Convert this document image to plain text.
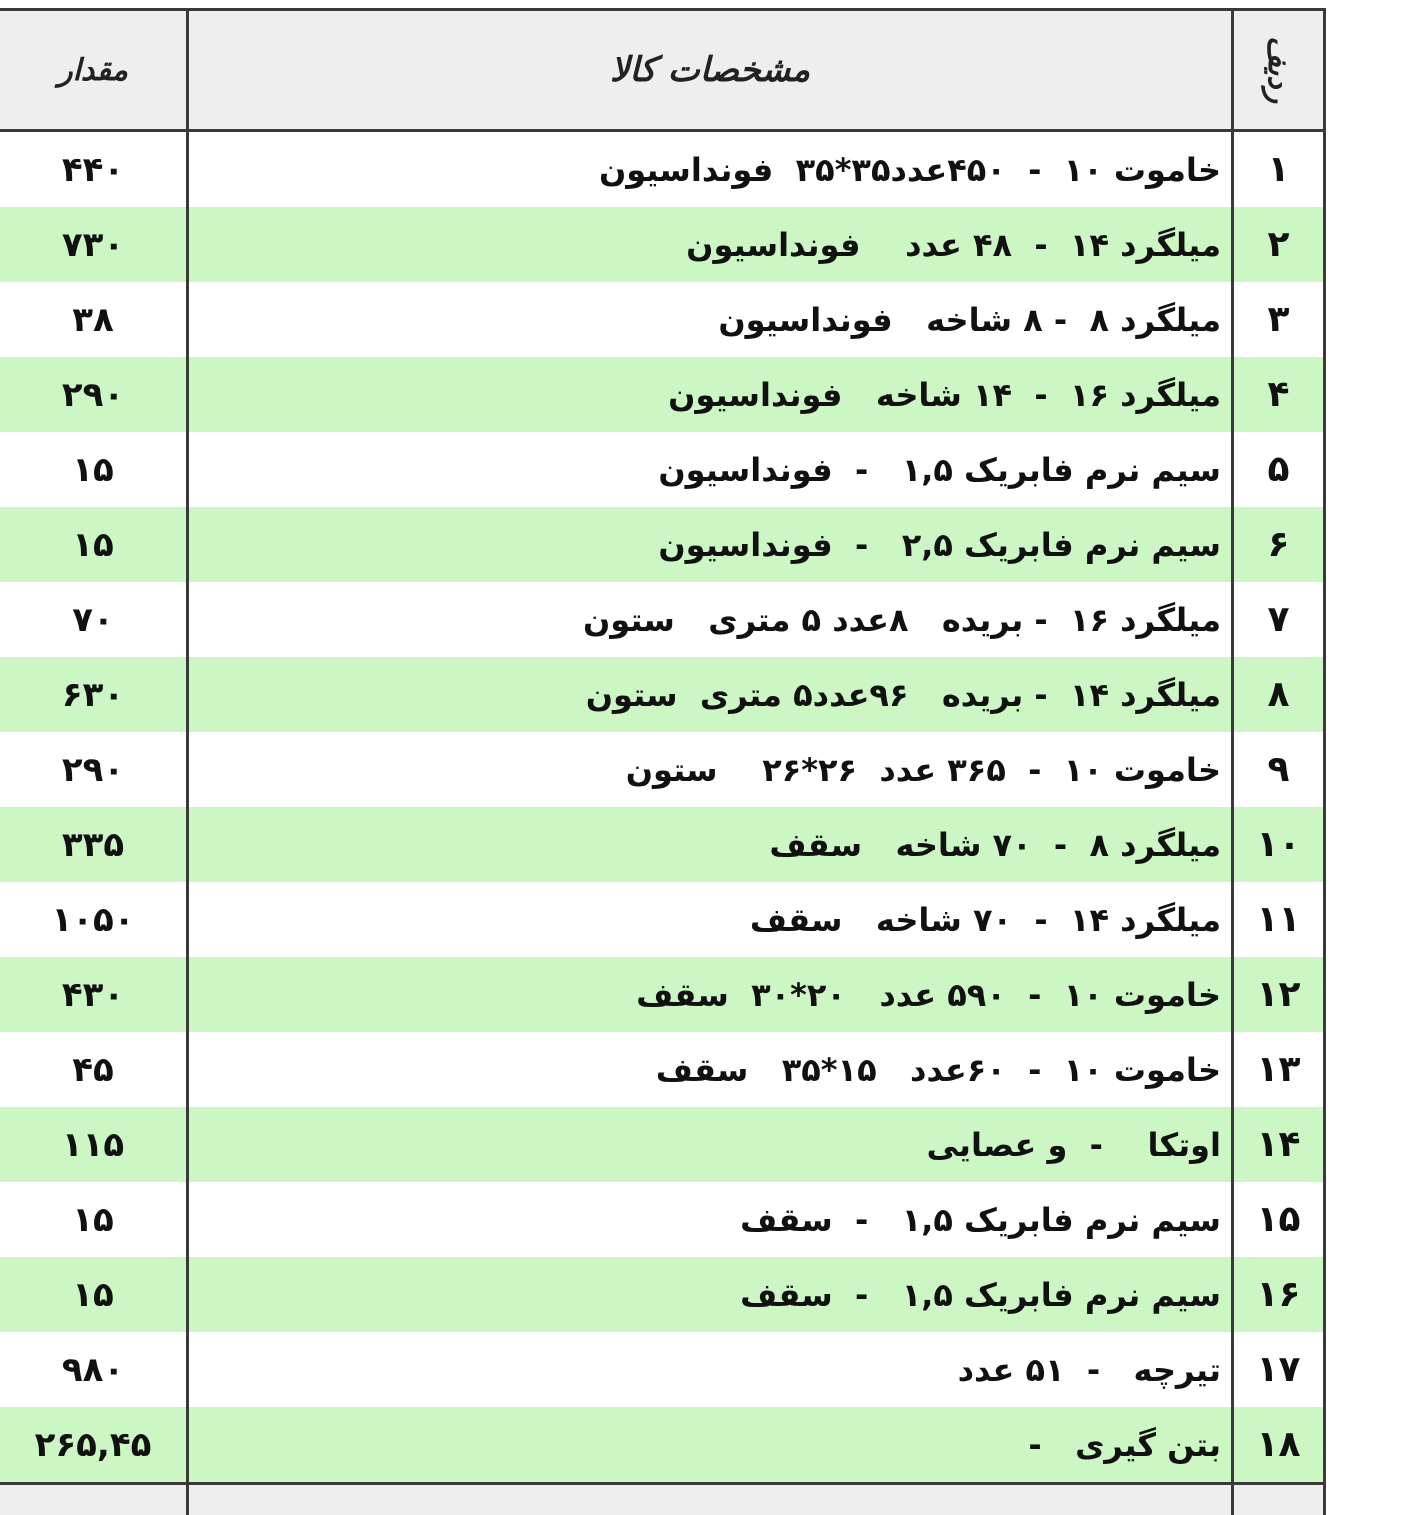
ردیف
مشخصات کالا
مقدار
۱
خاموت ۱۰  -  ۴۵۰عدد۳۵*۳۵  فونداسیون
۴۴۰
۲
میلگرد ۱۴  -  ۴۸ عدد    فونداسیون
۷۳۰
۳
میلگرد ۸  - ۸ شاخه   فونداسیون
۳۸
۴
میلگرد ۱۶  -  ۱۴ شاخه   فونداسیون
۲۹۰
۵
سیم نرم فابریک ۱,۵   -  فونداسیون
۱۵
۶
سیم نرم فابریک ۲,۵   -  فونداسیون
۱۵
۷
میلگرد ۱۶  - بریده   ۸عدد ۵ متری   ستون
۷۰
۸
میلگرد ۱۴  - بریده   ۹۶عدد۵ متری  ستون
۶۳۰
۹
خاموت ۱۰  -  ۳۶۵ عدد  ۲۶*۲۶    ستون
۲۹۰
۱۰
میلگرد ۸  -  ۷۰ شاخه   سقف
۳۳۵
۱۱
میلگرد ۱۴  -  ۷۰ شاخه   سقف
۱۰۵۰
۱۲
خاموت ۱۰  -  ۵۹۰ عدد   ۲۰*۳۰  سقف
۴۳۰
۱۳
خاموت ۱۰  -  ۶۰عدد   ۱۵*۳۵   سقف
۴۵
۱۴
اوتکا    -  و عصایی
۱۱۵
۱۵
سیم نرم فابریک ۱,۵   -  سقف
۱۵
۱۶
سیم نرم فابریک ۱,۵   -  سقف
۱۵
۱۷
تیرچه   -  ۵۱ عدد
۹۸۰
۱۸
بتن گیری   -
۲۶۵,۴۵
